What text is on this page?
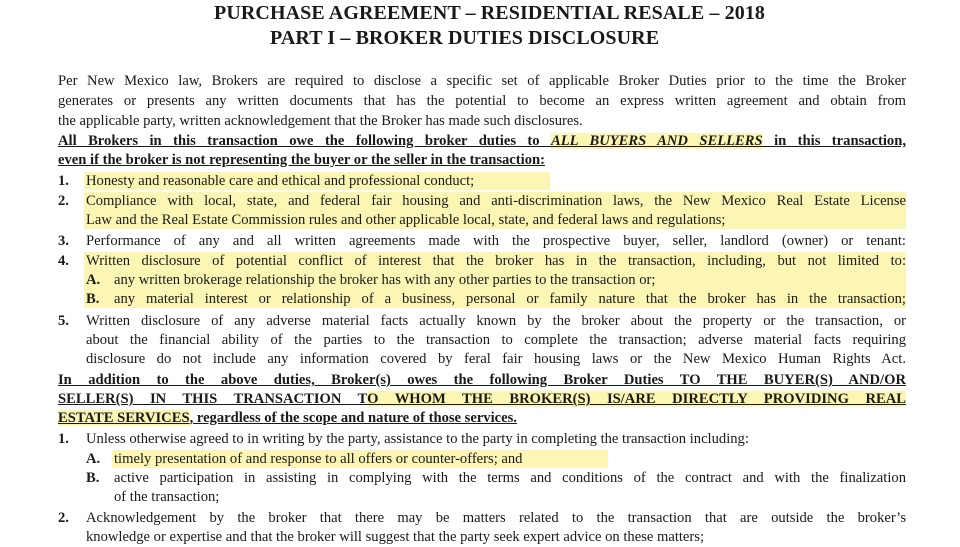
PURCHASE AGREEMENT – RESIDENTIAL RESALE – 2018
PART I – BROKER DUTIES DISCLOSURE
Per New Mexico law, Brokers are required to disclose a specific set of applicable Broker Duties prior to the time the Broker
generates or presents any written documents that has the potential to become an express written agreement and obtain from
the applicable party, written acknowledgement that the Broker has made such disclosures.
All Brokers in this transaction owe the following broker duties to ALL BUYERS AND SELLERS in this transaction,
even if the broker is not representing the buyer or the seller in the transaction:
1. Honesty and reasonable care and ethical and professional conduct;
2. Compliance with local, state, and federal fair housing and anti-discrimination laws, the New Mexico Real Estate License
Law and the Real Estate Commission rules and other applicable local, state, and federal laws and regulations;
3. Performance of any and all written agreements made with the prospective buyer, seller, landlord (owner) or tenant:
4. Written disclosure of potential conflict of interest that the broker has in the transaction, including, but not limited to:
A. any written brokerage relationship the broker has with any other parties to the transaction or;
B. any material interest or relationship of a business, personal or family nature that the broker has in the transaction;
5. Written disclosure of any adverse material facts actually known by the broker about the property or the transaction, or
about the financial ability of the parties to the transaction to complete the transaction; adverse material facts requiring
disclosure do not include any information covered by feral fair housing laws or the New Mexico Human Rights Act.
In addition to the above duties, Broker(s) owes the following Broker Duties TO THE BUYER(S) AND/OR
SELLER(S) IN THIS TRANSACTION TO WHOM THE BROKER(S) IS/ARE DIRECTLY PROVIDING REAL
ESTATE SERVICES, regardless of the scope and nature of those services.
1. Unless otherwise agreed to in writing by the party, assistance to the party in completing the transaction including:
A. timely presentation of and response to all offers or counter-offers; and
B. active participation in assisting in complying with the terms and conditions of the contract and with the finalization
of the transaction;
2. Acknowledgement by the broker that there may be matters related to the transaction that are outside the broker’s
knowledge or expertise and that the broker will suggest that the party seek expert advice on these matters;
